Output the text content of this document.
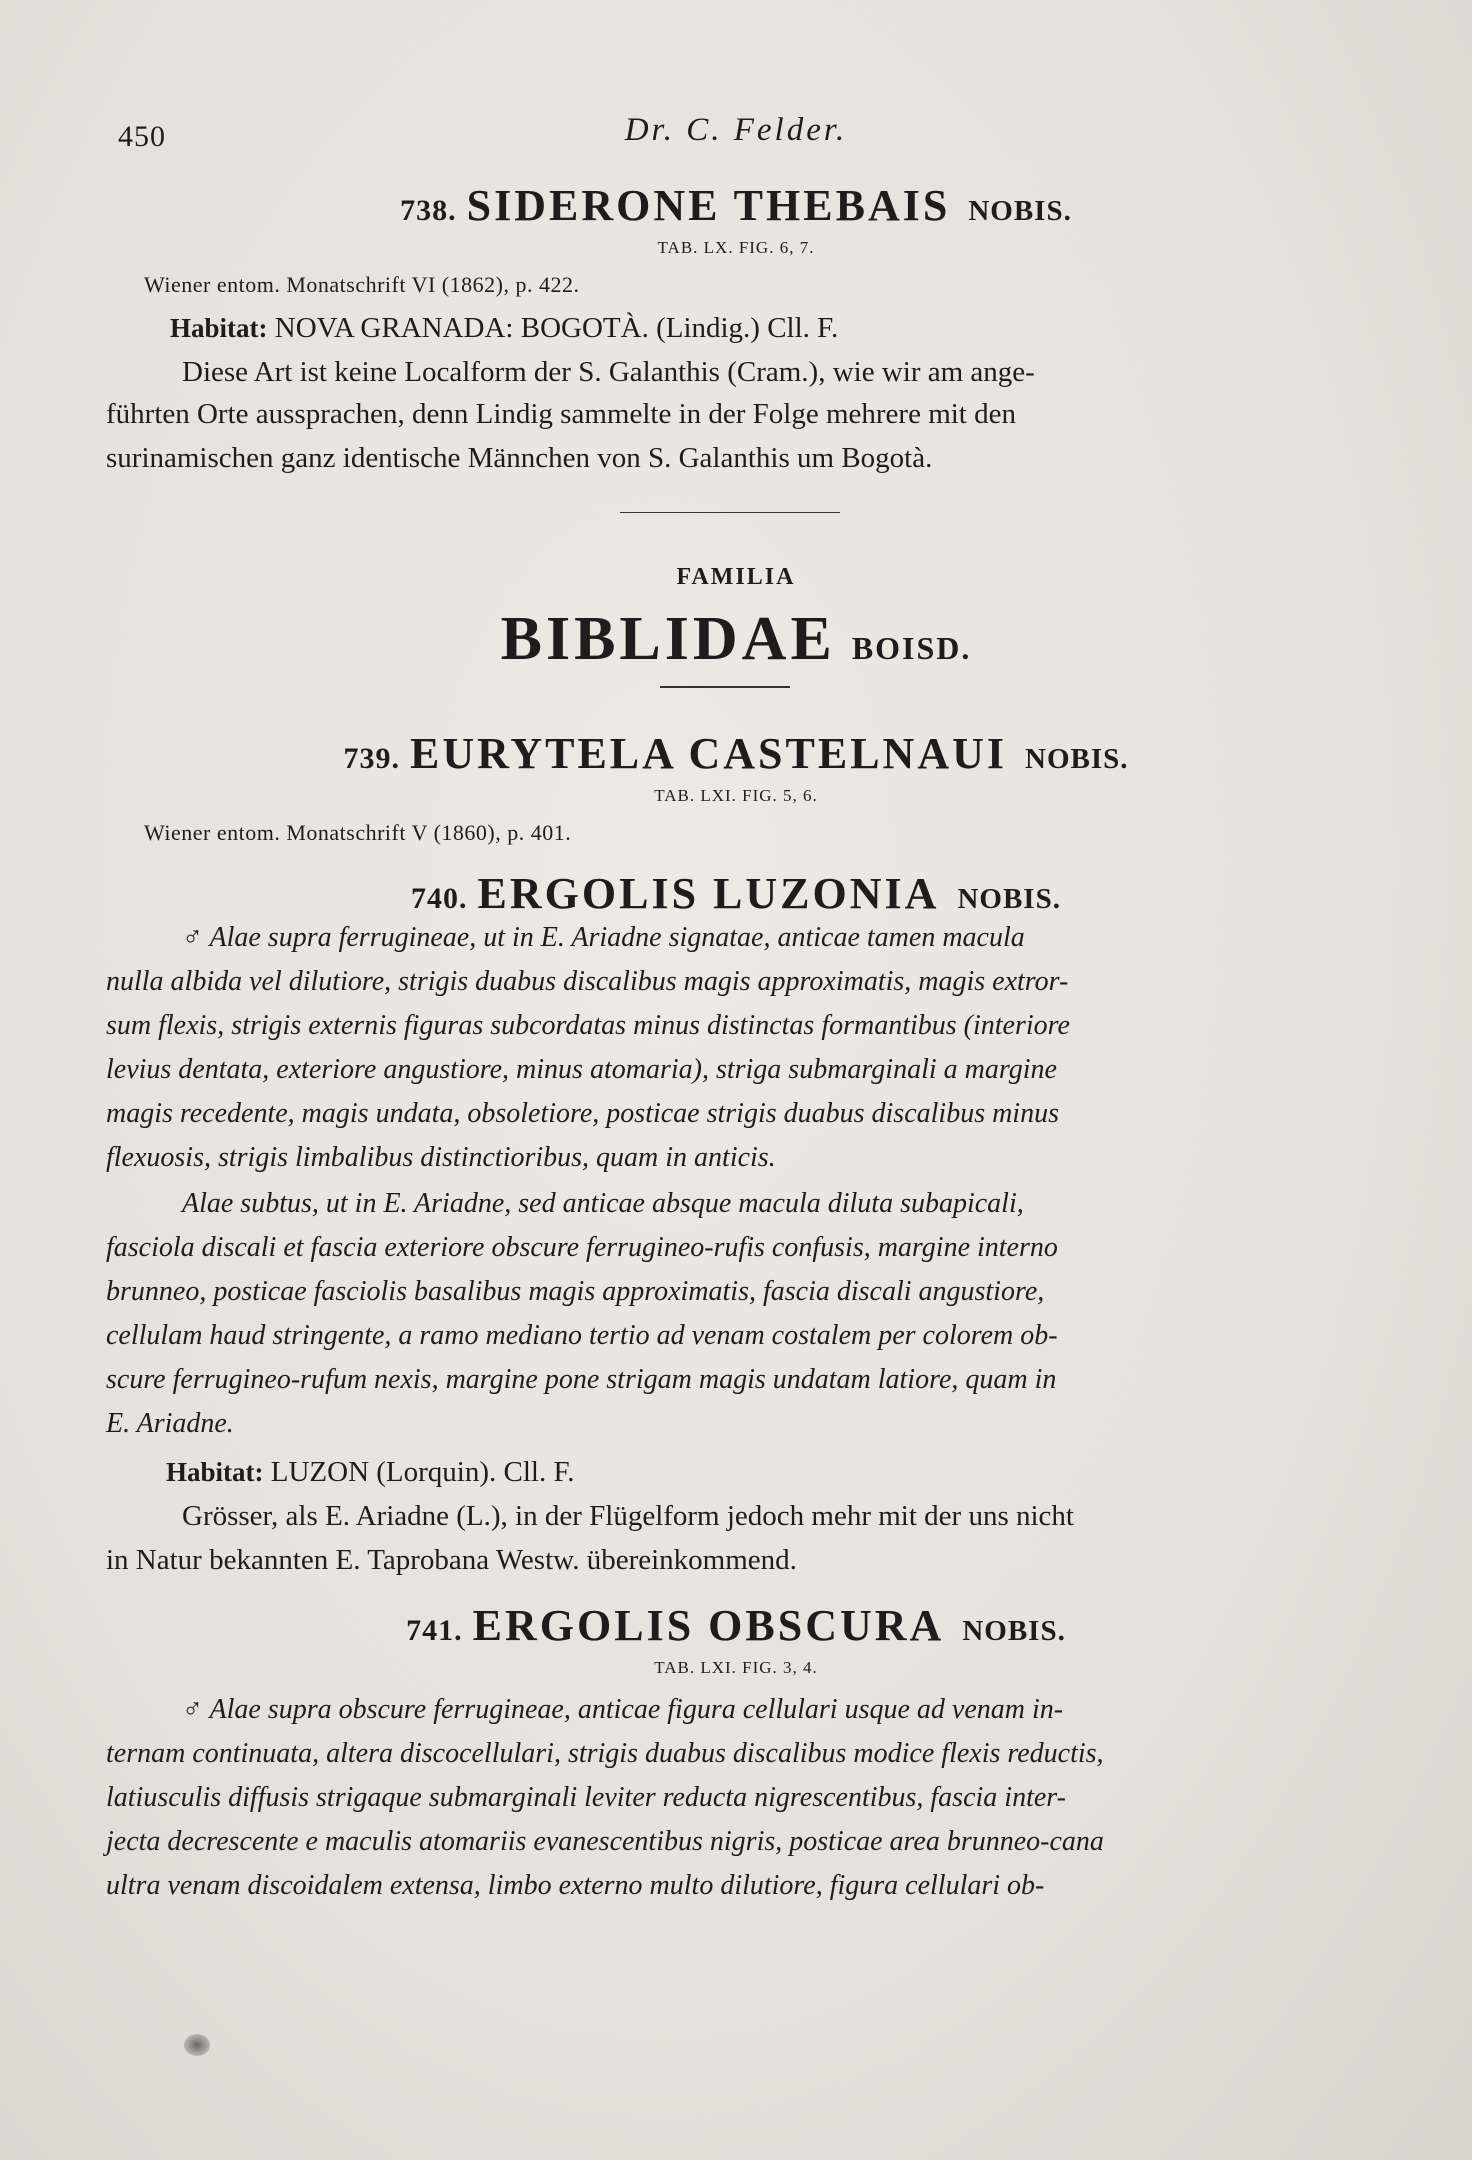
450	Dr. C. Felder.
738. SIDERONE THEBAIS NOBIS.
TAB. LX. FIG. 6, 7.
Wiener entom. Monatschrift VI (1862), p. 422.
Habitat: NOVA GRANADA: BOGOTÀ. (Lindig.) Cll. F.
Diese Art ist keine Localform der S. Galanthis (Cram.), wie wir am ange-
führten Orte aussprachen, denn Lindig sammelte in der Folge mehrere mit den
surinamischen ganz identische Männchen von S. Galanthis um Bogotà.
FAMILIA
BIBLIDAE BOISD.
739. EURYTELA CASTELNAUI NOBIS.
TAB. LXI. FIG. 5, 6.
Wiener entom. Monatschrift V (1860), p. 401.
740. ERGOLIS LUZONIA NOBIS.
♂ Alae supra ferrugineae, ut in E. Ariadne signatae, anticae tamen macula
nulla albida vel dilutiore, strigis duabus discalibus magis approximatis, magis extror-
sum flexis, strigis externis figuras subcordatas minus distinctas formantibus (interiore
levius dentata, exteriore angustiore, minus atomaria), striga submarginali a margine
magis recedente, magis undata, obsoletiore, posticae strigis duabus discalibus minus
flexuosis, strigis limbalibus distinctioribus, quam in anticis.
Alae subtus, ut in E. Ariadne, sed anticae absque macula diluta subapicali,
fasciola discali et fascia exteriore obscure ferrugineo-rufis confusis, margine interno
brunneo, posticae fasciolis basalibus magis approximatis, fascia discali angustiore,
cellulam haud stringente, a ramo mediano tertio ad venam costalem per colorem ob-
scure ferrugineo-rufum nexis, margine pone strigam magis undatam latiore, quam in
E. Ariadne.
Habitat: LUZON (Lorquin). Cll. F.
Grösser, als E. Ariadne (L.), in der Flügelform jedoch mehr mit der uns nicht
in Natur bekannten E. Taprobana Westw. übereinkommend.
741. ERGOLIS OBSCURA NOBIS.
TAB. LXI. FIG. 3, 4.
♂ Alae supra obscure ferrugineae, anticae figura cellulari usque ad venam in-
ternam continuata, altera discocellulari, strigis duabus discalibus modice flexis reductis,
latiusculis diffusis strigaque submarginali leviter reducta nigrescentibus, fascia inter-
jecta decrescente e maculis atomariis evanescentibus nigris, posticae area brunneo-cana
ultra venam discoidalem extensa, limbo externo multo dilutiore, figura cellulari ob-
